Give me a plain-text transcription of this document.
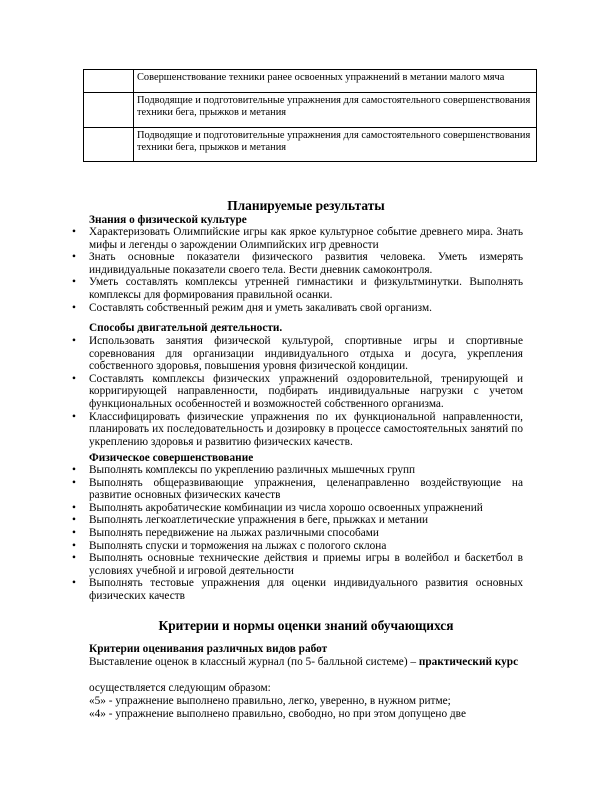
	Совершенствование техники ранее освоенных упражнений в метании малого мяча
	Подводящие и подготовительные упражнения для самостоятельного совершенствования техники бега, прыжков и метания
	Подводящие и подготовительные упражнения для самостоятельного совершенствования техники бега, прыжков и метания
Планируемые результаты
Знания о физической культуре
• Характеризовать Олимпийские игры как яркое культурное событие древнего мира. Знать мифы и легенды о зарождении Олимпийских игр древности
• Знать основные показатели физического развития человека. Уметь измерять индивидуальные показатели своего тела. Вести дневник самоконтроля.
• Уметь составлять комплексы утренней гимнастики и физкультминутки. Выполнять комплексы для формирования правильной осанки.
• Составлять собственный режим дня и уметь закаливать свой организм.
Способы двигательной деятельности.
• Использовать занятия физической культурой, спортивные игры и спортивные соревнования для организации индивидуального отдыха и досуга, укрепления собственного здоровья, повышения уровня физической кондиции.
• Составлять комплексы физических упражнений оздоровительной, тренирующей и корригирующей направленности, подбирать индивидуальные нагрузки с учетом функциональных особенностей и возможностей собственного организма.
• Классифицировать физические упражнения по их функциональной направленности, планировать их последовательность и дозировку в процессе самостоятельных занятий по укреплению здоровья и развитию физических качеств.
Физическое совершенствование
• Выполнять комплексы по укреплению различных мышечных групп
• Выполнять общеразвивающие упражнения, целенаправленно воздействующие на развитие основных физических качеств
• Выполнять акробатические комбинации из числа хорошо освоенных упражнений
• Выполнять легкоатлетические упражнения в беге, прыжках и метании
• Выполнять передвижение на лыжах различными способами
• Выполнять спуски и торможения на лыжах с пологого склона
• Выполнять основные технические действия и приемы игры в волейбол и баскетбол в условиях учебной и игровой деятельности
• Выполнять тестовые упражнения для оценки индивидуального развития основных физических качеств
Критерии и нормы оценки знаний обучающихся
Критерии оценивания различных видов работ
Выставление оценок в классный журнал (по 5- балльной системе) – практический курс
осуществляется следующим образом:
«5» - упражнение выполнено правильно, легко, уверенно, в нужном ритме;
«4» - упражнение выполнено правильно, свободно, но при этом допущено две
